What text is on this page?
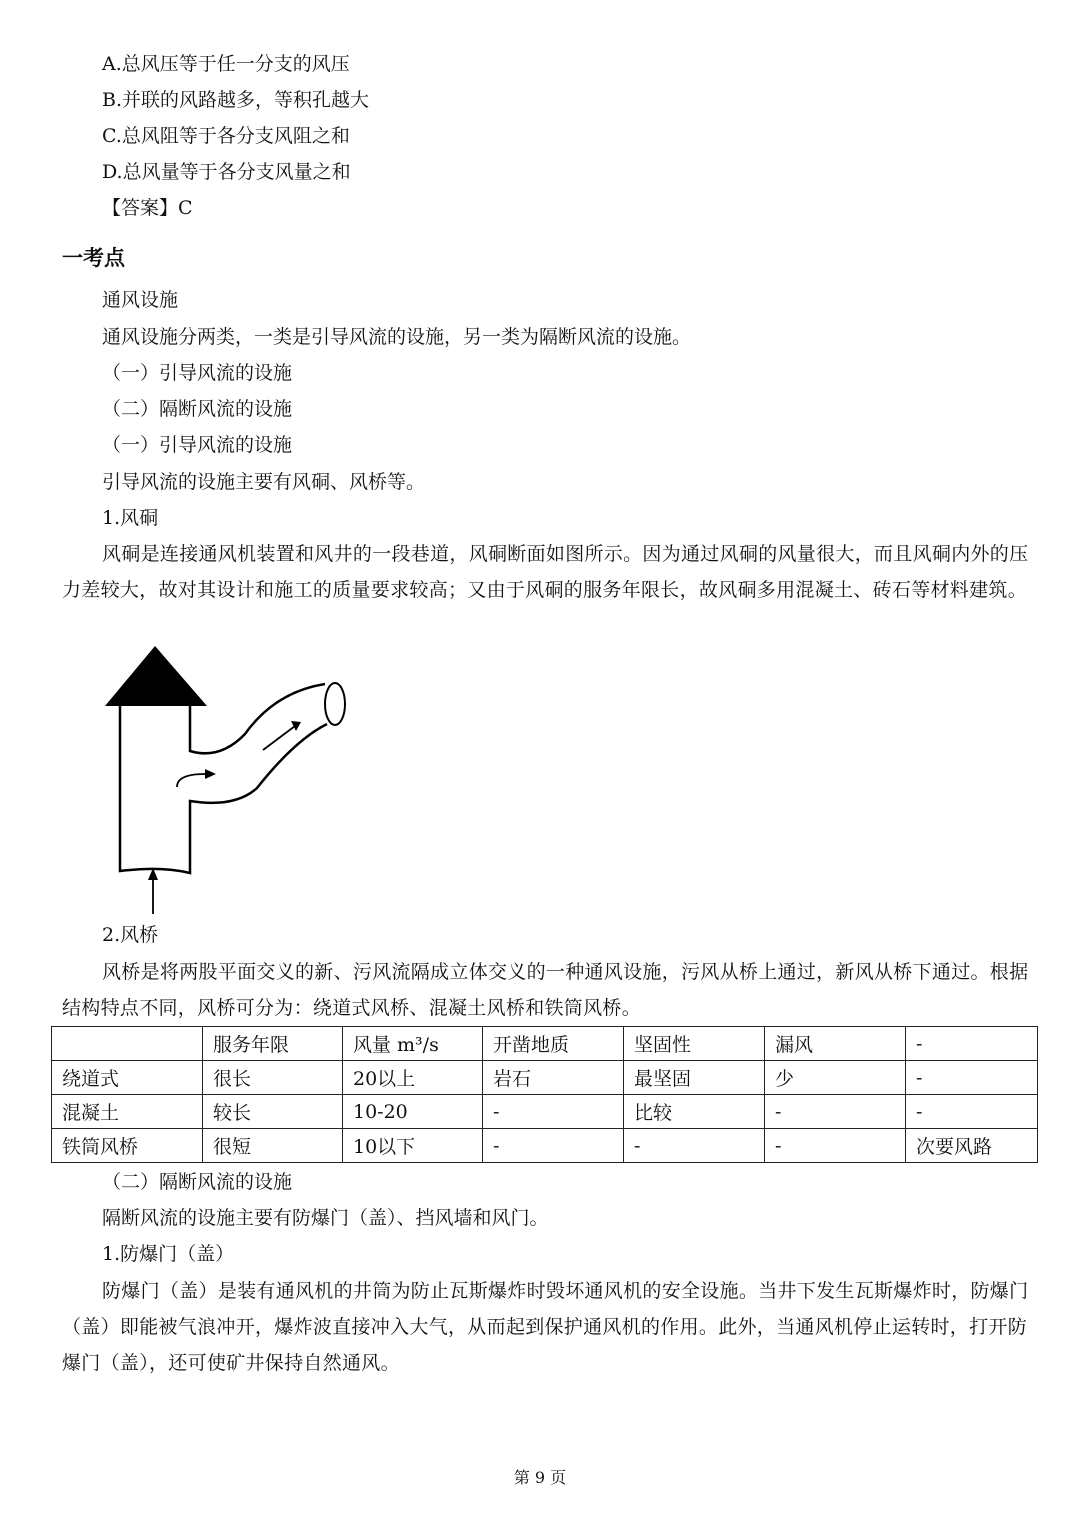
A.总风压等于任一分支的风压
B.并联的风路越多，等积孔越大
C.总风阻等于各分支风阻之和
D.总风量等于各分支风量之和
【答案】C
一考点
通风设施
通风设施分两类，一类是引导风流的设施，另一类为隔断风流的设施。
（一）引导风流的设施
（二）隔断风流的设施
（一）引导风流的设施
引导风流的设施主要有风硐、风桥等。
1.风硐
风硐是连接通风机装置和风井的一段巷道，风硐断面如图所示。因为通过风硐的风量很大，而且风硐内外的压力差较大，故对其设计和施工的质量要求较高；又由于风硐的服务年限长，故风硐多用混凝土、砖石等材料建筑。
2.风桥
风桥是将两股平面交义的新、污风流隔成立体交义的一种通风设施，污风从桥上通过，新风从桥下通过。根据结构特点不同，风桥可分为：绕道式风桥、混凝土风桥和铁筒风桥。
	服务年限	风量 m³/s	开凿地质	坚固性	漏风	-
绕道式	很长	20以上	岩石	最坚固	少	-
混凝土	较长	10-20	-	比较	-	-
铁筒风桥	很短	10以下	-	-	-	次要风路
（二）隔断风流的设施
隔断风流的设施主要有防爆门（盖）、挡风墙和风门。
1.防爆门（盖）
防爆门（盖）是装有通风机的井筒为防止瓦斯爆炸时毁坏通风机的安全设施。当井下发生瓦斯爆炸时，防爆门（盖）即能被气浪冲开，爆炸波直接冲入大气，从而起到保护通风机的作用。此外，当通风机停止运转时，打开防爆门（盖），还可使矿井保持自然通风。
第 9 页
